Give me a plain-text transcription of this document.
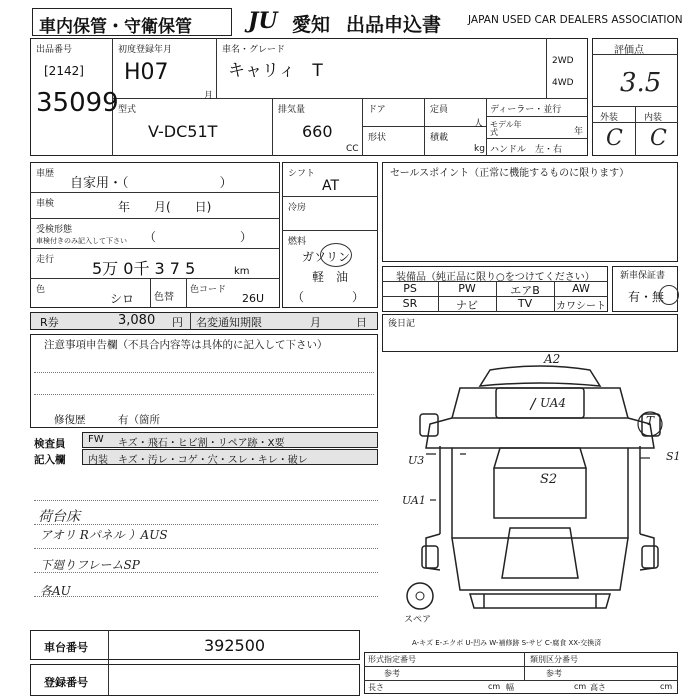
車内保管・守衛保管	JU 愛知 出品申込書	JAPAN USED CAR DEALERS ASSOCIATION
出品番号
[2142]
35099
初度登録年月
H07
月
車名・グレード
キャリィ　T	2WD
4WD
型式
V-DC51T
排気量
660
CC
ドア
形状
定員
人
積載
kg
ディーラー・並行
モデル年式	年
ハンドル　左・右
評価点
3.5
外装	内装
C C
車歴
自家用・（　　　　　　　）
車検	年　　月(　　日)
受検形態
車検付きのみ記入して下さい （　　　　　　　）
走行 5万 0千 3 7 5	km
色
シロ 色替
色コード
26U
シフト
AT
冷房
燃料
ガソリン
軽　油
（　　　　）
セールスポイント（正常に機能するものに限ります）
装備品（純正品に限り○をつけてください）
PS	PW	エアB	AW
SR	ナビ	TV	カワシート
新車保証書
有・無
R券	3,080 円 名変通知期限	月	日 後日記
注意事項申告欄（不具合内容等は具体的に記入して下さい）
修復歴	有（箇所
検査員
記入欄
FW キズ・飛石・ヒビ割・リペア跡・X要
内装 キズ・汚レ・コゲ・穴・スレ・キレ・破レ
荷台床
アオリ Rパネル ）AUS
下廻りフレームSP
各AU
A2
UA4
U3
S2
UA1
S1
T
スペア
A-キズ E-エクボ U-凹み W-補修跡 S-サビ C-腐食 XX-交換済
車台番号	392500
登録番号
形式指定番号
参考
類別区分番号
参考
長さ	cm 幅	cm 高さ	cm
